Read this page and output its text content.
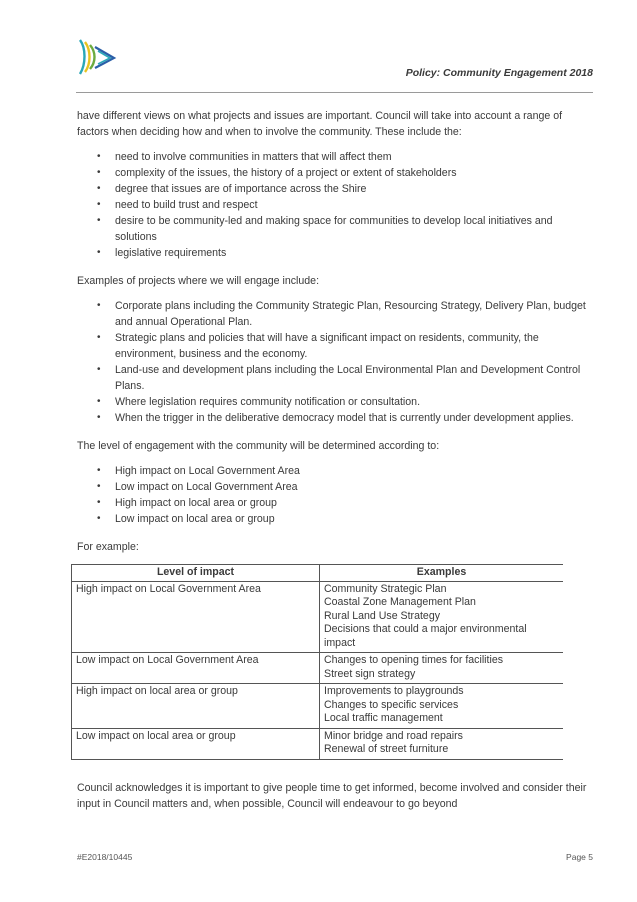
Policy: Community Engagement 2018

have different views on what projects and issues are important. Council will take into account a range of factors when deciding how and when to involve the community. These include the:

• need to involve communities in matters that will affect them
• complexity of the issues, the history of a project or extent of stakeholders
• degree that issues are of importance across the Shire
• need to build trust and respect
• desire to be community-led and making space for communities to develop local initiatives and solutions
• legislative requirements

Examples of projects where we will engage include:

• Corporate plans including the Community Strategic Plan, Resourcing Strategy, Delivery Plan, budget and annual Operational Plan.
• Strategic plans and policies that will have a significant impact on residents, community, the environment, business and the economy.
• Land-use and development plans including the Local Environmental Plan and Development Control Plans.
• Where legislation requires community notification or consultation.
• When the trigger in the deliberative democracy model that is currently under development applies.

The level of engagement with the community will be determined according to:

• High impact on Local Government Area
• Low impact on Local Government Area
• High impact on local area or group
• Low impact on local area or group

For example:

Level of impact	Examples
High impact on Local Government Area	Community Strategic Plan
Coastal Zone Management Plan
Rural Land Use Strategy
Decisions that could a major environmental impact

Low impact on Local Government Area	Changes to opening times for facilities
Street sign strategy

High impact on local area or group	Improvements to playgrounds
Changes to specific services
Local traffic management

Low impact on local area or group	Minor bridge and road repairs
Renewal of street furniture

Council acknowledges it is important to give people time to get informed, become involved and consider their input in Council matters and, when possible, Council will endeavour to go beyond

#E2018/10445	Page 5
